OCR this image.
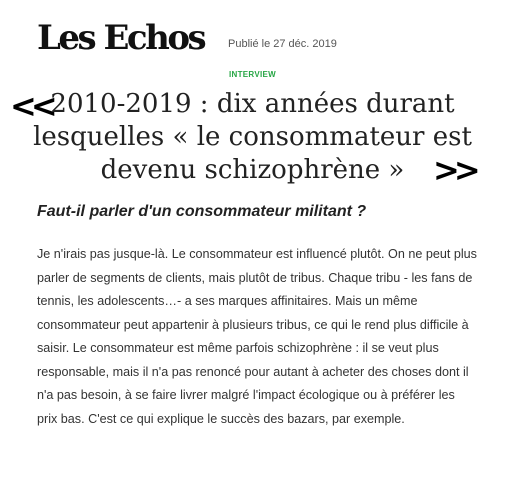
Les Echos Publié le 27 déc. 2019
INTERVIEW
<<
2010-2019 : dix années durant lesquelles « le consommateur est devenu schizophrène » >>
Faut-il parler d'un consommateur militant ?

Je n'irais pas jusque-là. Le consommateur est influencé plutôt. On ne peut plus parler de segments de clients, mais plutôt de tribus. Chaque tribu - les fans de tennis, les adolescents…- a ses marques affinitaires. Mais un même consommateur peut appartenir à plusieurs tribus, ce qui le rend plus difficile à saisir. Le consommateur est même parfois schizophrène : il se veut plus responsable, mais il n'a pas renoncé pour autant à acheter des choses dont il n'a pas besoin, à se faire livrer malgré l'impact écologique ou à préférer les prix bas. C'est ce qui explique le succès des bazars, par exemple.
